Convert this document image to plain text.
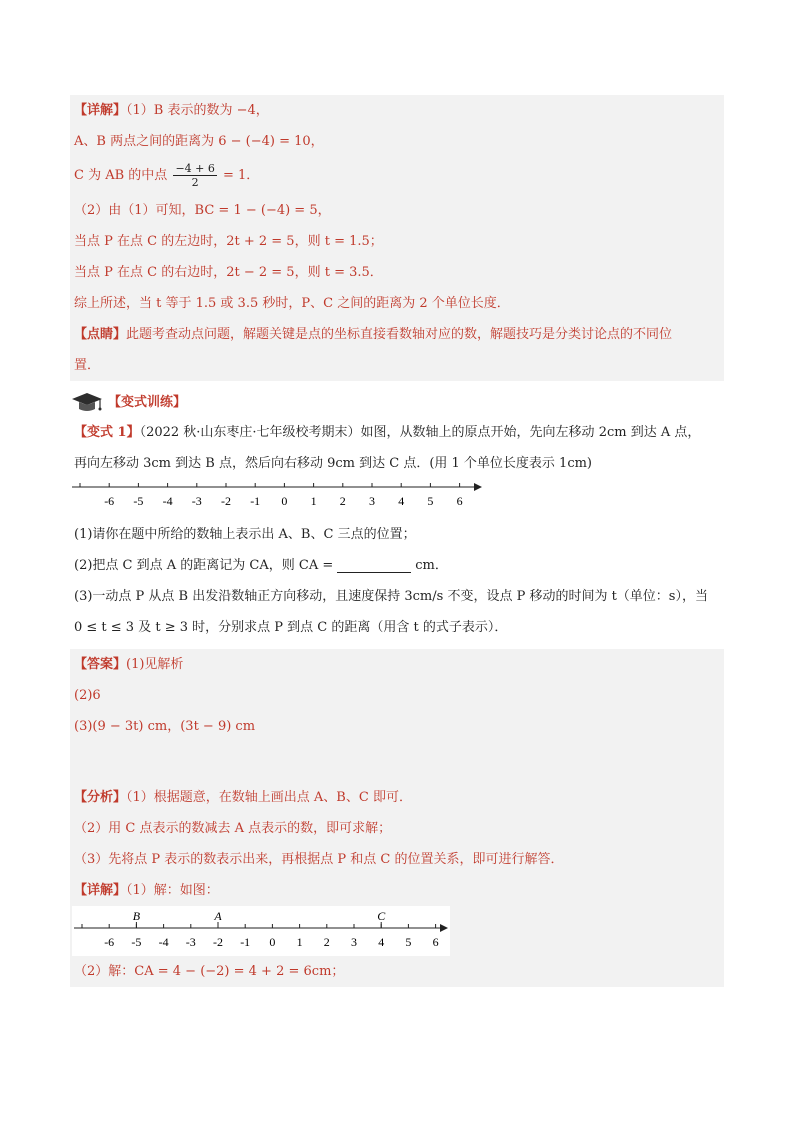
【详解】（1）B 表示的数为 −4，
A、B 两点之间的距离为 6 − (−4) = 10，
C 为 AB 的中点 $\frac{-4 + 6}{2} = 1$．
（2）由（1）可知，BC = 1 − (−4) = 5，
当点 P 在点 C 的左边时，2t + 2 = 5，则 t = 1.5；
当点 P 在点 C 的右边时，2t − 2 = 5，则 t = 3.5．
综上所述，当 t 等于 1.5 或 3.5 秒时，P、C 之间的距离为 2 个单位长度．
【点睛】此题考查动点问题，解题关键是点的坐标直接看数轴对应的数，解题技巧是分类讨论点的不同位
置．
【变式训练】
【变式 1】（2022 秋·山东枣庄·七年级校考期末）如图，从数轴上的原点开始，先向左移动 2cm 到达 A 点，
再向左移动 3cm 到达 B 点，然后向右移动 9cm 到达 C 点．(用 1 个单位长度表示 1cm)
-6 -5 -4 -3 -2 -1 0 1 2 3 4 5 6
(1)请你在题中所给的数轴上表示出 A、B、C 三点的位置；
(2)把点 C 到点 A 的距离记为 CA，则 CA =	cm．
(3)一动点 P 从点 B 出发沿数轴正方向移动，且速度保持 3cm/s 不变，设点 P 移动的时间为 t（单位：s），当
0 ≤ t ≤ 3 及 t ≥ 3 时，分别求点 P 到点 C 的距离（用含 t 的式子表示）．
【答案】(1)见解析
(2)6
(3)(9 − 3t) cm，(3t − 9) cm
【分析】（1）根据题意，在数轴上画出点 A、B、C 即可．
（2）用 C 点表示的数减去 A 点表示的数，即可求解；
（3）先将点 P 表示的数表示出来，再根据点 P 和点 C 的位置关系，即可进行解答．
【详解】（1）解：如图：
-6 -5 -4 -3 -2 -1 0 1 2 3 4 5 6
B	A	C
（2）解：CA = 4 − (−2) = 4 + 2 = 6cm；
